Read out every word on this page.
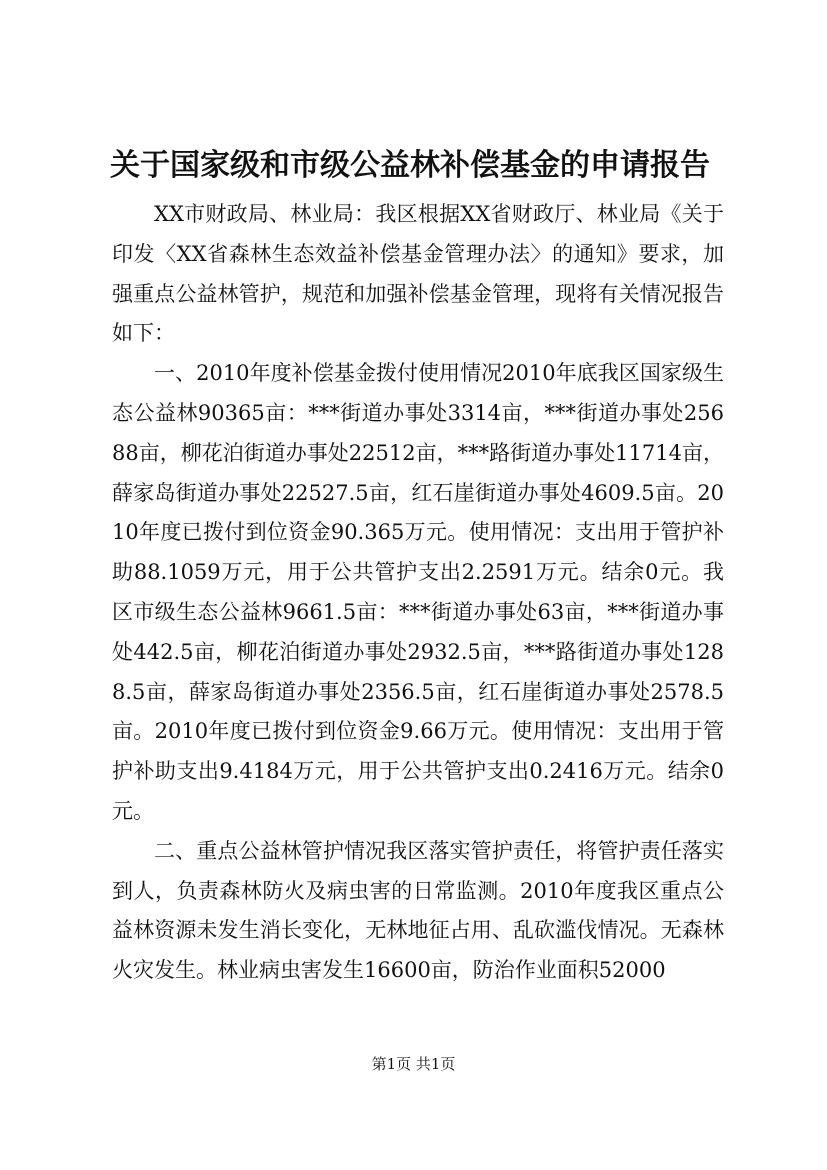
关于国家级和市级公益林补偿基金的申请报告

XX市财政局、林业局：我区根据XX省财政厅、林业局《关于印发〈XX省森林生态效益补偿基金管理办法〉的通知》要求，加强重点公益林管护，规范和加强补偿基金管理，现将有关情况报告如下：

一、2010年度补偿基金拨付使用情况2010年底我区国家级生态公益林90365亩：***街道办事处3314亩，***街道办事处25688亩，柳花泊街道办事处22512亩，***路街道办事处11714亩，薛家岛街道办事处22527.5亩，红石崖街道办事处4609.5亩。2010年度已拨付到位资金90.365万元。使用情况：支出用于管护补助88.1059万元，用于公共管护支出2.2591万元。结余0元。我区市级生态公益林9661.5亩：***街道办事处63亩，***街道办事处442.5亩，柳花泊街道办事处2932.5亩，***路街道办事处1288.5亩，薛家岛街道办事处2356.5亩，红石崖街道办事处2578.5亩。2010年度已拨付到位资金9.66万元。使用情况：支出用于管护补助支出9.4184万元，用于公共管护支出0.2416万元。结余0元。

二、重点公益林管护情况我区落实管护责任，将管护责任落实到人，负责森林防火及病虫害的日常监测。2010年度我区重点公益林资源未发生消长变化，无林地征占用、乱砍滥伐情况。无森林火灾发生。林业病虫害发生16600亩，防治作业面积52000

第1页 共1页
